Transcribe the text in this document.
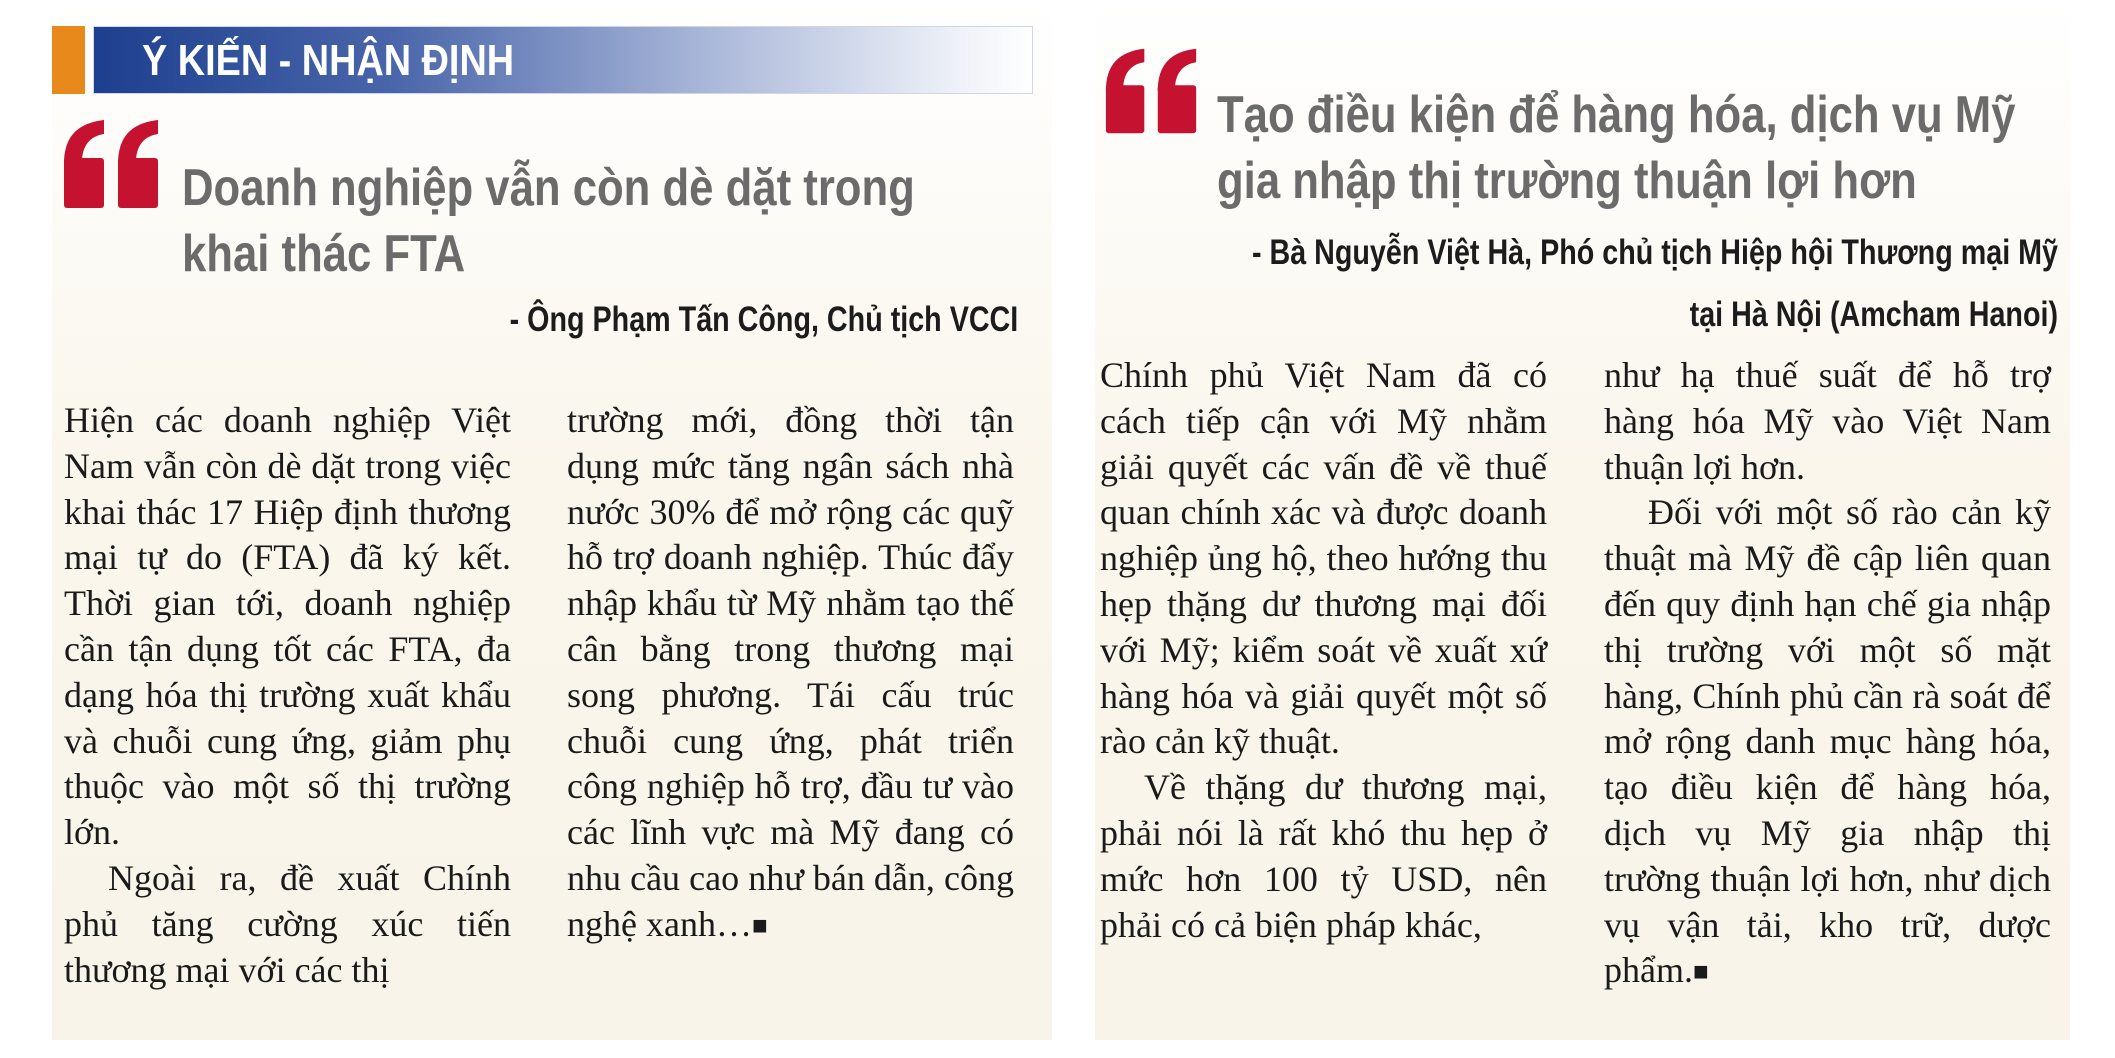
Ý KIẾN - NHẬN ĐỊNH
Doanh nghiệp vẫn còn dè dặt trong
khai thác FTA

- Ông Phạm Tấn Công, Chủ tịch VCCI

Hiện các doanh nghiệp Việt Nam vẫn còn dè dặt trong việc khai thác 17 Hiệp định thương mại tự do (FTA) đã ký kết. Thời gian tới, doanh nghiệp cần tận dụng tốt các FTA, đa dạng hóa thị trường xuất khẩu và chuỗi cung ứng, giảm phụ thuộc vào một số thị trường lớn.

Ngoài ra, đề xuất Chính phủ tăng cường xúc tiến thương mại với các thị

trường mới, đồng thời tận dụng mức tăng ngân sách nhà nước 30% để mở rộng các quỹ hỗ trợ doanh nghiệp. Thúc đẩy nhập khẩu từ Mỹ nhằm tạo thế cân bằng trong thương mại song phương. Tái cấu trúc chuỗi cung ứng, phát triển công nghiệp hỗ trợ, đầu tư vào các lĩnh vực mà Mỹ đang có nhu cầu cao như bán dẫn, công nghệ xanh…■

Tạo điều kiện để hàng hóa, dịch vụ Mỹ
gia nhập thị trường thuận lợi hơn

- Bà Nguyễn Việt Hà, Phó chủ tịch Hiệp hội Thương mại Mỹ
tại Hà Nội (Amcham Hanoi)

Chính phủ Việt Nam đã có cách tiếp cận với Mỹ nhằm giải quyết các vấn đề về thuế quan chính xác và được doanh nghiệp ủng hộ, theo hướng thu hẹp thặng dư thương mại đối với Mỹ; kiểm soát về xuất xứ hàng hóa và giải quyết một số rào cản kỹ thuật.

Về thặng dư thương mại, phải nói là rất khó thu hẹp ở mức hơn 100 tỷ USD, nên phải có cả biện pháp khác,

như hạ thuế suất để hỗ trợ hàng hóa Mỹ vào Việt Nam thuận lợi hơn.

Đối với một số rào cản kỹ thuật mà Mỹ đề cập liên quan đến quy định hạn chế gia nhập thị trường với một số mặt hàng, Chính phủ cần rà soát để mở rộng danh mục hàng hóa, tạo điều kiện để hàng hóa, dịch vụ Mỹ gia nhập thị trường thuận lợi hơn, như dịch vụ vận tải, kho trữ, dược phẩm.■
